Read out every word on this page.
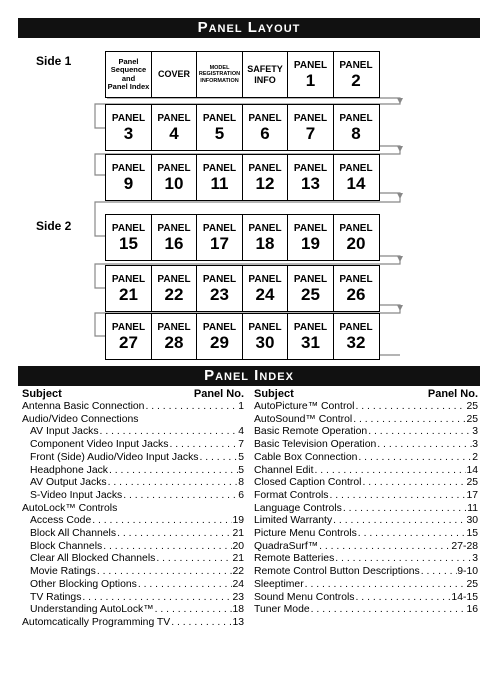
Panel Layout
Side 1
Side 2
Panel
Sequence
and
Panel Index
COVER
MODEL
REGISTRATION
INFORMATION
SAFETY
INFO
PANEL
1
PANEL
2
PANEL
3
PANEL
4
PANEL
5
PANEL
6
PANEL
7
PANEL
8
PANEL
9
PANEL
10
PANEL
11
PANEL
12
PANEL
13
PANEL
14
PANEL
15
PANEL
16
PANEL
17
PANEL
18
PANEL
19
PANEL
20
PANEL
21
PANEL
22
PANEL
23
PANEL
24
PANEL
25
PANEL
26
PANEL
27
PANEL
28
PANEL
29
PANEL
30
PANEL
31
PANEL
32
Panel Index
Subject	Panel No.
Antenna Basic Connection . . .	1
Audio/Video Connections
AV Input Jacks . . .	4
Component Video Input Jacks . . .	7
Front (Side) Audio/Video Input Jacks . . .	5
Headphone Jack . . .	5
AV Output Jacks . . .	8
S-Video Input Jacks . . .	6
AutoLock™ Controls
Access Code . . .	19
Block All Channels . . .	21
Block Channels . . .	20
Clear All Blocked Channels . . .	21
Movie Ratings . . .	22
Other Blocking Options . . .	24
TV Ratings . . .	23
Understanding AutoLock™ . . .	18
Automcatically Programming TV . . .	13
Subject	Panel No.
AutoPicture™ Control . . .	25
AutoSound™ Control . . .	25
Basic Remote Operation . . .	3
Basic Television Operation . . .	3
Cable Box Connection . . .	2
Channel Edit . . .	14
Closed Caption Control . . .	25
Format Controls . . .	17
Language Controls . . .	11
Limited Warranty . . .	30
Picture Menu Controls . . .	15
QuadraSurf™ . . .	27-28
Remote Batteries . . .	3
Remote Control Button Descriptions . . .	9-10
Sleeptimer . . .	25
Sound Menu Controls . . .	14-15
Tuner Mode . . .	16
